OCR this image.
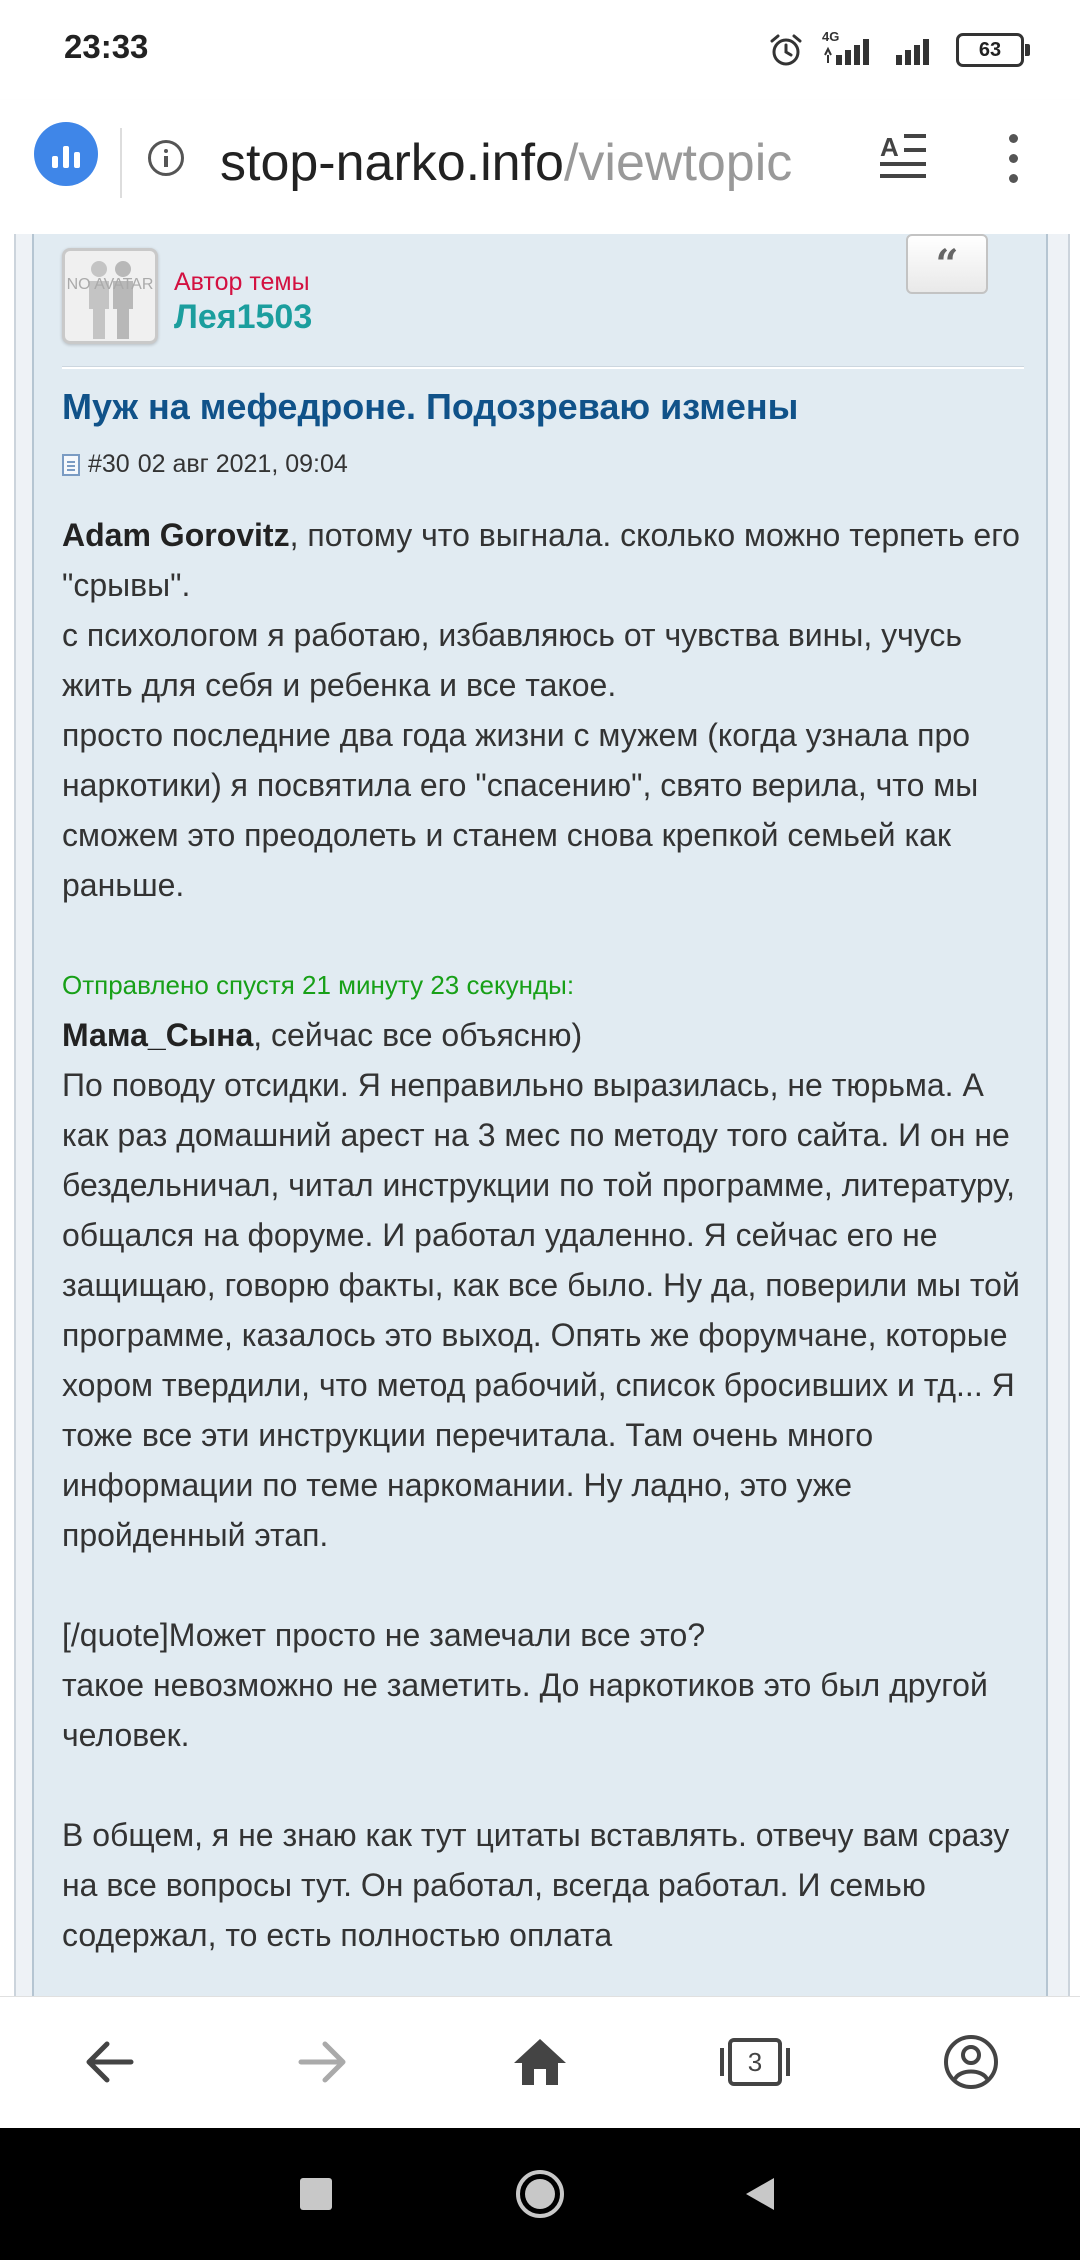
23:33	4G
63
stop-narko.info/viewtopic	A
NO AVATAR Автор темы
Лея1503
“
Муж на мефедроне. Подозреваю измены
#30 02 авг 2021, 09:04

Adam Gorovitz, потому что выгнала. сколько можно терпеть его "срывы".

с психологом я работаю, избавляюсь от чувства вины, учусь жить для себя и ребенка и все такое.

просто последние два года жизни с мужем (когда узнала про наркотики) я посвятила его "спасению", свято верила, что мы сможем это преодолеть и станем снова крепкой семьей как раньше.

Отправлено спустя 21 минуту 23 секунды:

Мама_Сына, сейчас все объясню)

По поводу отсидки. Я неправильно выразилась, не тюрьма. А как раз домашний арест на 3 мес по методу того сайта. И он не бездельничал, читал инструкции по той программе, литературу, общался на форуме. И работал удаленно. Я сейчас его не защищаю, говорю факты, как все было. Ну да, поверили мы той программе, казалось это выход. Опять же форумчане, которые хором твердили, что метод рабочий, список бросивших и тд... Я тоже все эти инструкции перечитала. Там очень много информации по теме наркомании. Ну ладно, это уже пройденный этап.

[/quote]Может просто не замечали все это?

такое невозможно не заметить. До наркотиков это был другой человек.

В общем, я не знаю как тут цитаты вставлять. отвечу вам сразу на все вопросы тут. Он работал, всегда работал. И семью содержал, то есть полностью оплата

3
